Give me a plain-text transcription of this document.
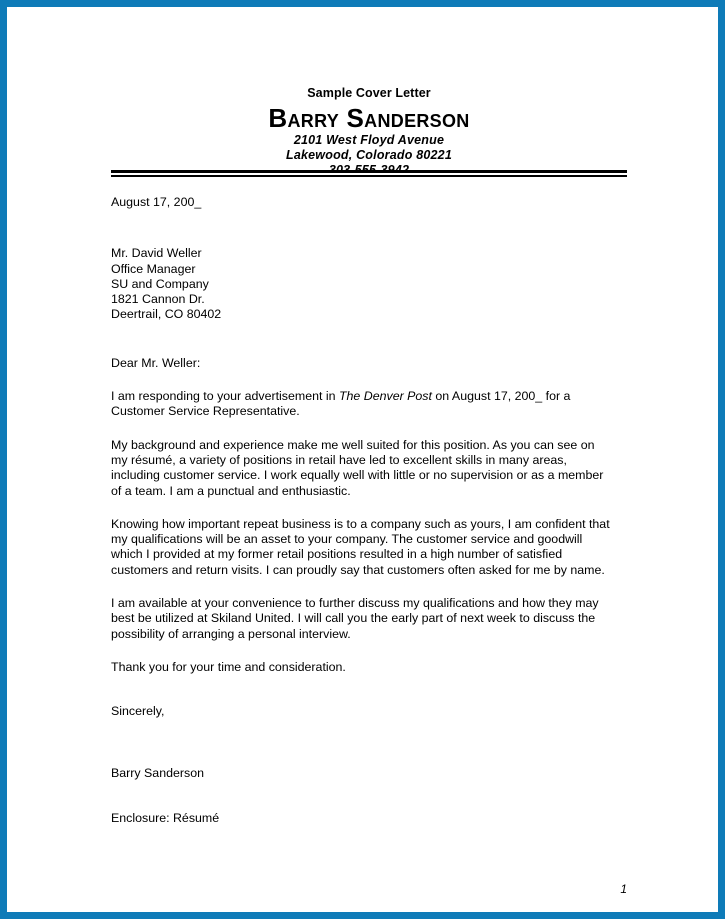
Sample Cover Letter
Barry Sanderson
2101 West Floyd Avenue
Lakewood, Colorado 80221
August 17, 200_
Mr. David Weller
Office Manager
SU and Company
1821 Cannon Dr.
Deertrail, CO 80402
Dear Mr. Weller:
I am responding to your advertisement in The Denver Post on August 17, 200_ for a Customer Service Representative.
My background and experience make me well suited for this position. As you can see on my résumé, a variety of positions in retail have led to excellent skills in many areas, including customer service. I work equally well with little or no supervision or as a member of a team. I am a punctual and enthusiastic.
Knowing how important repeat business is to a company such as yours, I am confident that my qualifications will be an asset to your company. The customer service and goodwill which I provided at my former retail positions resulted in a high number of satisfied customers and return visits. I can proudly say that customers often asked for me by name.
I am available at your convenience to further discuss my qualifications and how they may best be utilized at Skiland United. I will call you the early part of next week to discuss the possibility of arranging a personal interview.
Thank you for your time and consideration.
Sincerely,
Barry Sanderson
Enclosure: Résumé
1
